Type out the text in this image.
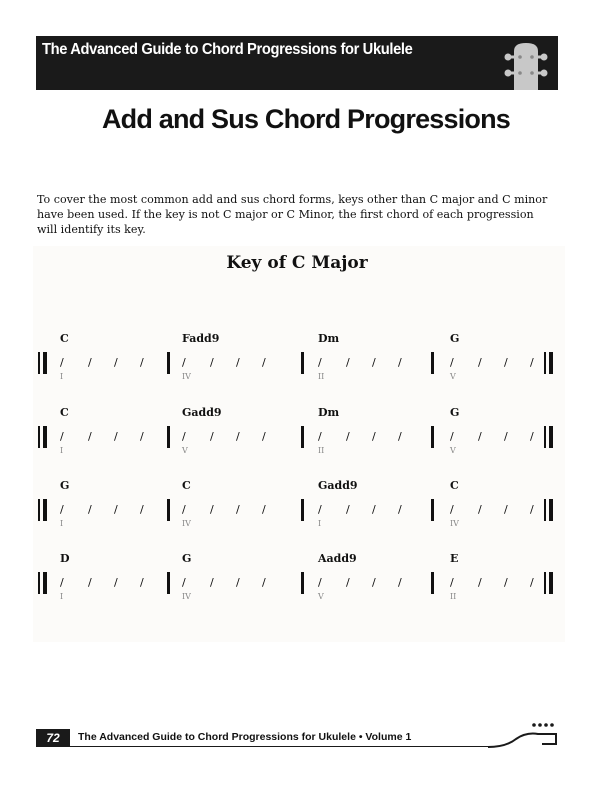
The Advanced Guide to Chord Progressions for Ukulele
Add and Sus Chord Progressions

To cover the most common add and sus chord forms, keys other than C major and C minor have been used. If the key is not C major or C Minor, the first chord of each progression will identify its key.

Key of C Major
C
/ / / /
I
Fadd9
/ / / /
IV
Dm
/ / / /
II
G
/ / / /
V
C
/ / / /
I
Gadd9
/ / / /
V
Dm
/ / / /
II
G
/ / / /
V
G
/ / / /
I
C
/ / / /
IV
Gadd9
/ / / /
I
C
/ / / /
IV
D
/ / / /
I
G
/ / / /
IV
Aadd9
/ / / /
V
E
/ / / /
II
72	The Advanced Guide to Chord Progressions for Ukulele • Volume 1
